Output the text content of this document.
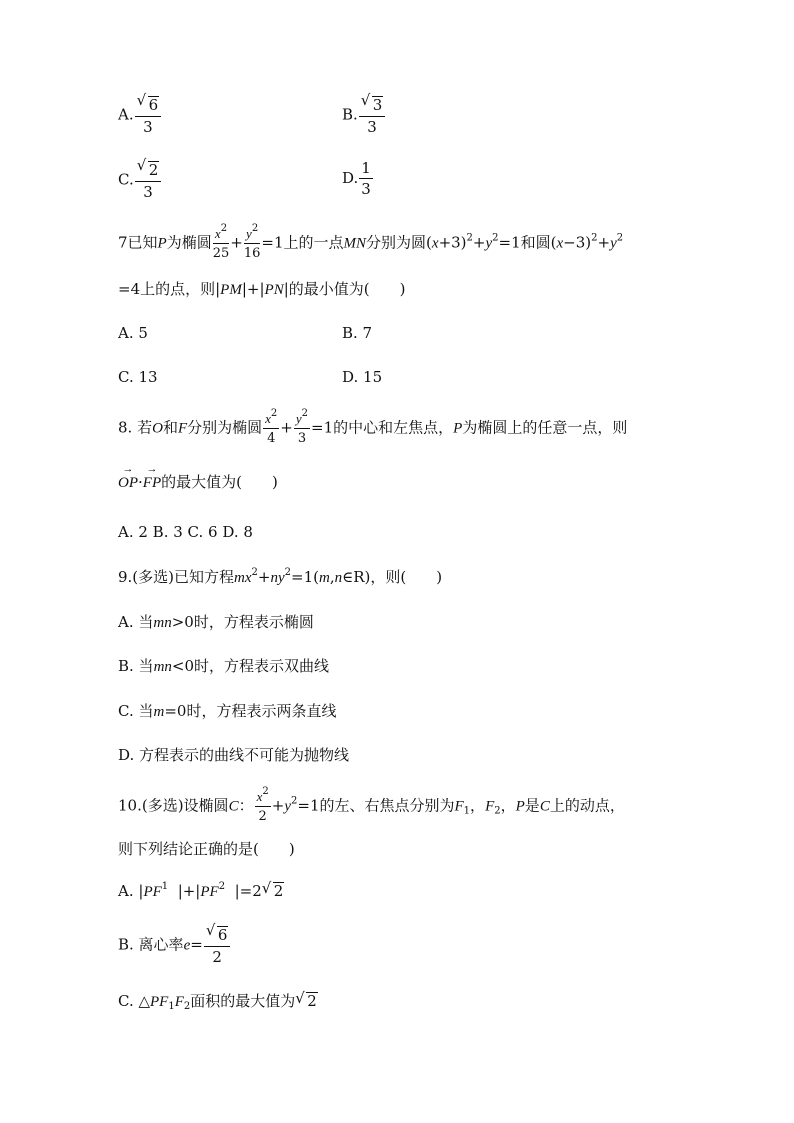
A. √ $\frac{6}{3}$	B. √ $\frac{3}{3}$
C. √ $\frac{2}{3}$	D. $\frac{1}{3}$
7已知P为椭圆 $\frac{x^2}{25} + \frac{y^2}{16} =1$上的一点MN分别为圆$(x+3)^2+y^2=1$和圆$(x-3)^2+y^2$
=4上的点，则|PM|+|PN|的最小值为(　　)
A. 5	B. 7
C. 13	D. 15
8. 若O和F分别为椭圆 $\frac{x^2}{4} + \frac{y^2}{3} =1$的中心和左焦点，P为椭圆上的任意一点，则
→ OP·→ FP的最大值为(　　)
A. 2 B. 3 C. 6 D. 8
9.(多选)已知方程$mx^2+ny^2=1(m,n\in R)$，则(　　)
A. 当mn>0时，方程表示椭圆
B. 当mn<0时，方程表示双曲线
C. 当m=0时，方程表示两条直线
D. 方程表示的曲线不可能为抛物线
10.(多选)设椭圆C： $\frac{x^2}{2} +y^2=1$的左、右焦点分别为$F_1$，$F_2$，P是C上的动点，
则下列结论正确的是(　　)
A. $|PF^1$ $|+|PF^2$ |=2 √ 2
B. 离心率e= √ $\frac{6}{2}$
C. $\triangle PF_1F_2$面积的最大值为 √ 2
